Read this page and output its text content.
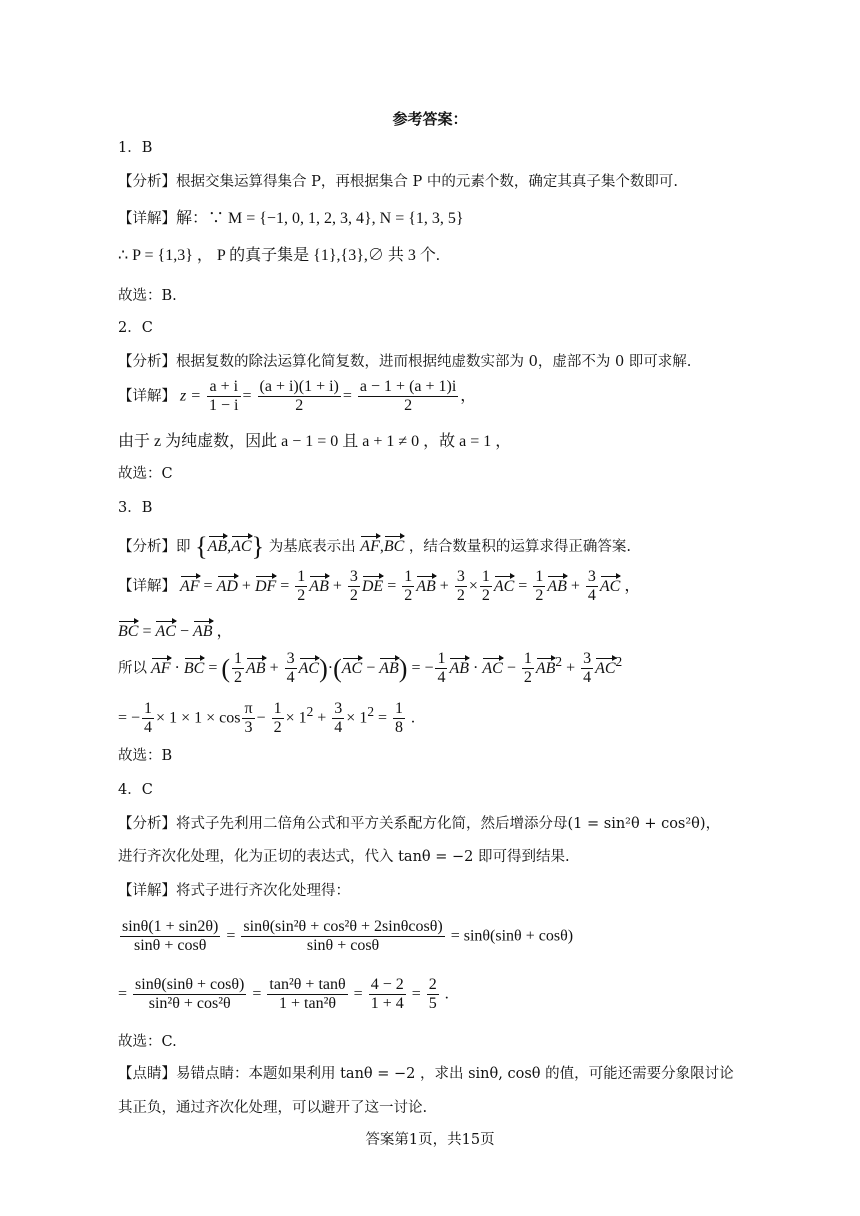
参考答案：
1．B
【分析】根据交集运算得集合 P，再根据集合 P 中的元素个数，确定其真子集个数即可.
【详解】解：∵ M = {−1, 0, 1, 2, 3, 4}, N = {1, 3, 5}
∴ P = {1,3} ， P 的真子集是 {1},{3},∅ 共 3 个.
故选：B.
2．C
【分析】根据复数的除法运算化简复数，进而根据纯虚数实部为 0，虚部不为 0 即可求解.
【详解】 $z = \frac{a + i}{1 - i} = \frac{(a + i)(1 + i)}{2} = \frac{a - 1 + (a + 1)i}{2}$ ，
由于 z 为纯虚数，因此 a − 1 = 0 且 a + 1 ≠ 0 ，故 a = 1 ，
故选：C
3．B
【分析】即 {AB,AC} 为基底表示出 AF,BC ，结合数量积的运算求得正确答案.
【详解】 AF = AD + DF = $\frac{1}{2}$ AB + $\frac{3}{2}$ DE = $\frac{1}{2}$ AB + $\frac{3}{2} \times \frac{1}{2}$ AC = $\frac{1}{2}$ AB + $\frac{3}{4}$ AC ，
BC = AC − AB ，
所以 AF · BC = ( $\frac{1}{2}$ AB + $\frac{3}{4} AC)\cdot(AC - AB)$ = − $\frac{1}{4}$ AB · AC − $\frac{1}{2} AB^2 + \frac{3}{4} AC^2$
= − $\frac{1}{4} \times 1 \times 1 \times \cos \frac{\pi}{3} - \frac{1}{2} \times 1^2 + \frac{3}{4} \times 1^2 = \frac{1}{8}$ .
故选：B
4．C
【分析】将式子先利用二倍角公式和平方关系配方化简，然后增添分母(1 = sin²θ + cos²θ)，
进行齐次化处理，化为正切的表达式，代入 tanθ = −2 即可得到结果.
【详解】将式子进行齐次化处理得：
$\frac{\sin\theta(1 + \sin 2\theta)}{\sin\theta + \cos\theta} = \frac{\text{sinθ(sin²θ + cos²θ + 2sinθcosθ)}}{\sin\theta + \cos\theta} = \sin\theta(\sin\theta + \cos\theta)$
= $\frac{\sin\theta(\sin\theta + \cos\theta)}{\text{sin²θ + cos²θ}} = \frac{\text{tan²θ + tanθ}}{\text{1 + tan²θ}} = \frac{4 - 2}{1 + 4} = \frac{2}{5}$ .
故选：C.
【点睛】易错点睛：本题如果利用 tanθ = −2 ，求出 sinθ, cosθ 的值，可能还需要分象限讨论
其正负，通过齐次化处理，可以避开了这一讨论.
答案第1页，共15页
